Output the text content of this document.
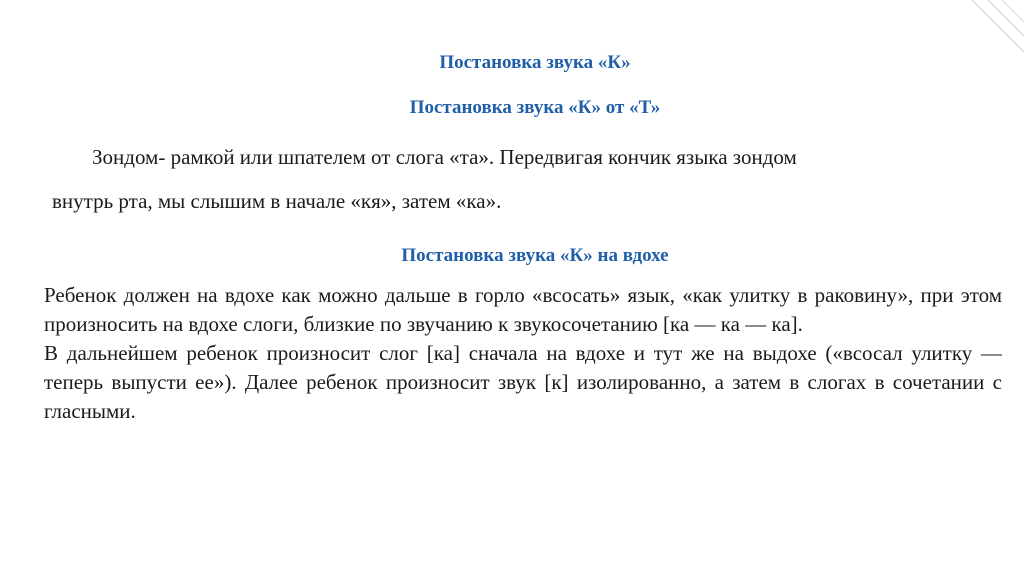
Постановка звука «К»
Постановка звука «К» от «Т»
Зондом- рамкой или шпателем от слога «та». Передвигая кончик языка зондом
внутрь рта, мы слышим в начале «кя», затем «ка».
Постановка звука «К» на вдохе

Ребенок должен на вдохе как можно дальше в горло «всосать» язык, «как улитку в раковину», при этом произносить на вдохе слоги, близкие по звучанию к звукосочетанию [ка — ка — ка].

В дальнейшем ребенок произносит слог [ка] сначала на вдохе и тут же на выдохе («всосал улитку — теперь выпусти ее»). Далее ребенок произносит звук [к] изолированно, а затем в слогах в сочетании с гласными.
